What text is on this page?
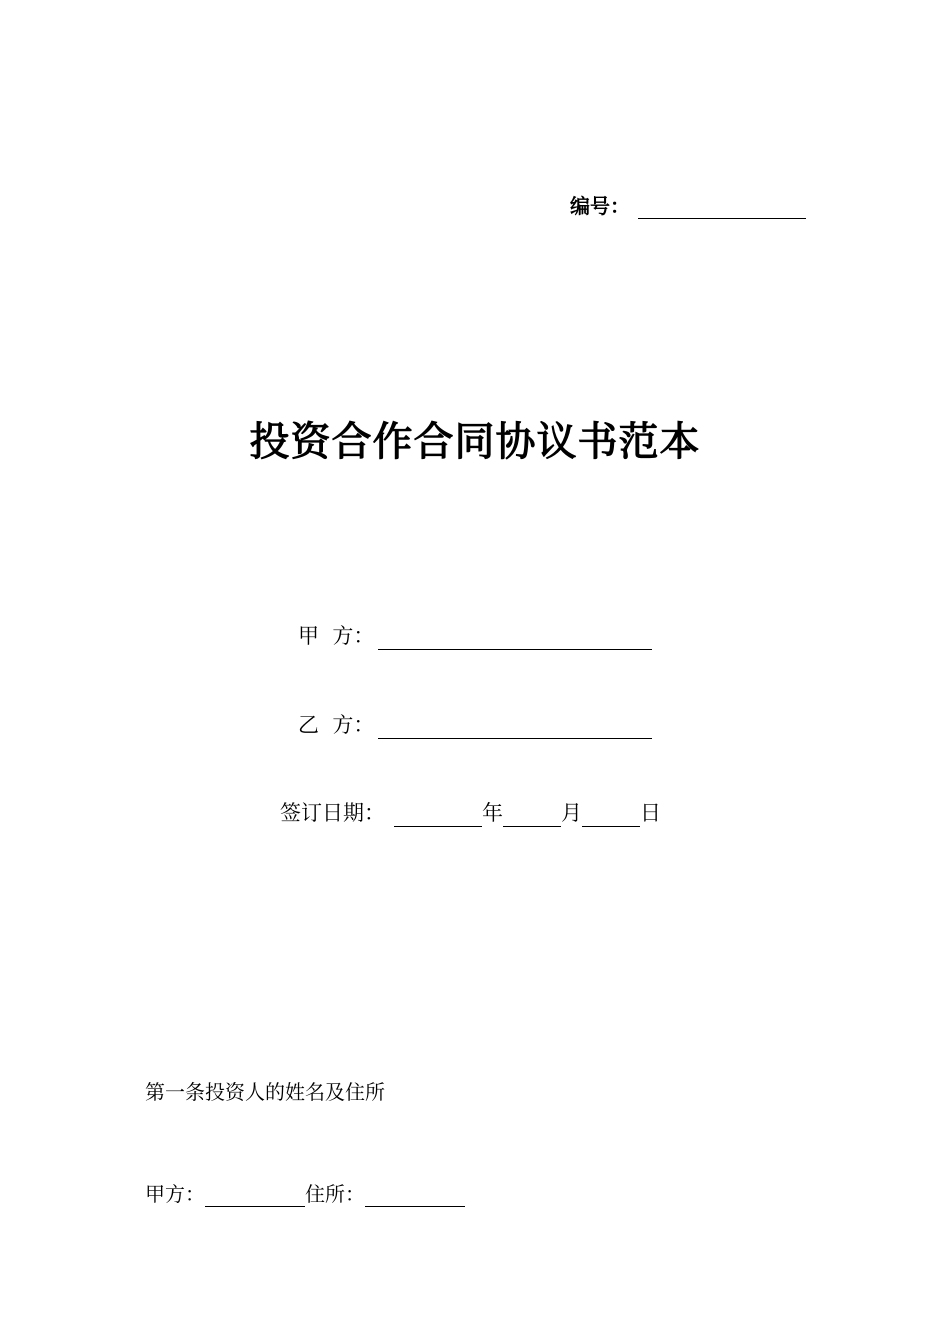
编号：
投资合作合同协议书范本
甲  方：
乙  方：
签订日期：	年	月	日
第一条投资人的姓名及住所
甲方：	住所：
